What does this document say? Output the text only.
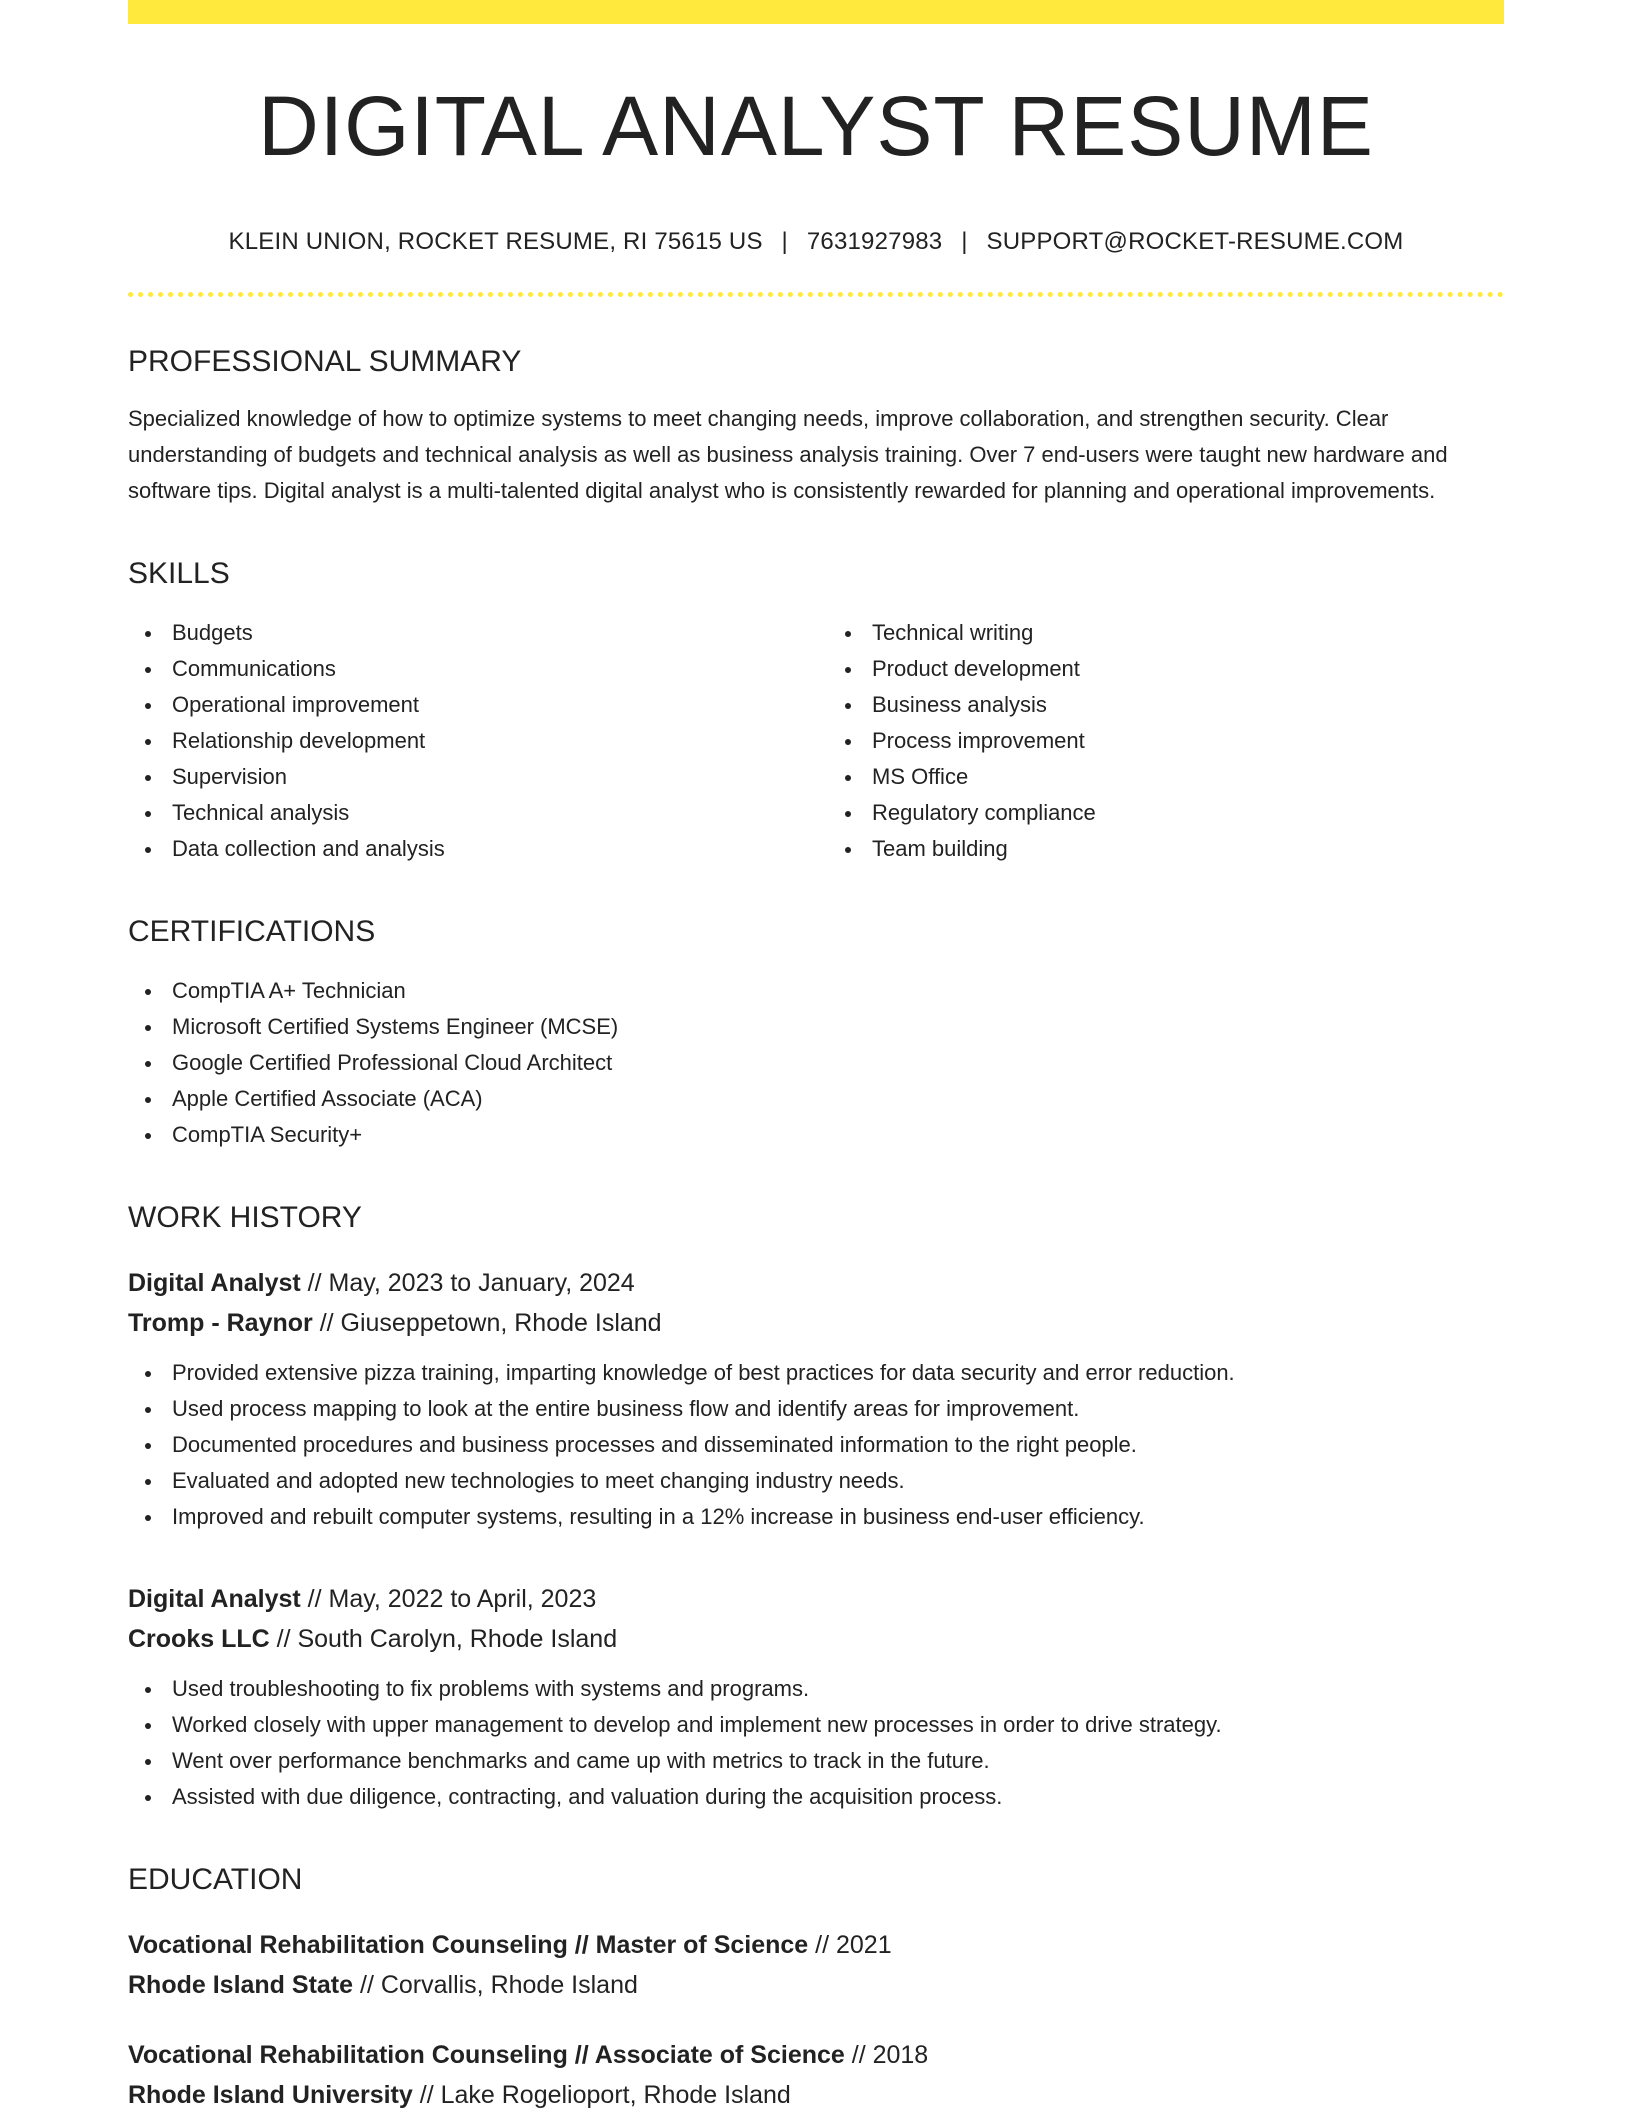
DIGITAL ANALYST RESUME
KLEIN UNION, ROCKET RESUME, RI 75615 US | 7631927983 | SUPPORT@ROCKET-RESUME.COM
PROFESSIONAL SUMMARY

Specialized knowledge of how to optimize systems to meet changing needs, improve collaboration, and strengthen security. Clear understanding of budgets and technical analysis as well as business analysis training. Over 7 end-users were taught new hardware and software tips. Digital analyst is a multi-talented digital analyst who is consistently rewarded for planning and operational improvements.

SKILLS
Budgets
Communications
Operational improvement
Relationship development
Supervision
Technical analysis
Data collection and analysis
Technical writing
Product development
Business analysis
Process improvement
MS Office
Regulatory compliance
Team building
CERTIFICATIONS
CompTIA A+ Technician
Microsoft Certified Systems Engineer (MCSE)
Google Certified Professional Cloud Architect
Apple Certified Associate (ACA)
CompTIA Security+
WORK HISTORY
Digital Analyst // May, 2023 to January, 2024
Tromp - Raynor // Giuseppetown, Rhode Island
Provided extensive pizza training, imparting knowledge of best practices for data security and error reduction.
Used process mapping to look at the entire business flow and identify areas for improvement.
Documented procedures and business processes and disseminated information to the right people.
Evaluated and adopted new technologies to meet changing industry needs.
Improved and rebuilt computer systems, resulting in a 12% increase in business end-user efficiency.
Digital Analyst // May, 2022 to April, 2023
Crooks LLC // South Carolyn, Rhode Island
Used troubleshooting to fix problems with systems and programs.
Worked closely with upper management to develop and implement new processes in order to drive strategy.
Went over performance benchmarks and came up with metrics to track in the future.
Assisted with due diligence, contracting, and valuation during the acquisition process.
EDUCATION
Vocational Rehabilitation Counseling // Master of Science // 2021
Rhode Island State // Corvallis, Rhode Island
Vocational Rehabilitation Counseling // Associate of Science // 2018
Rhode Island University // Lake Rogelioport, Rhode Island
